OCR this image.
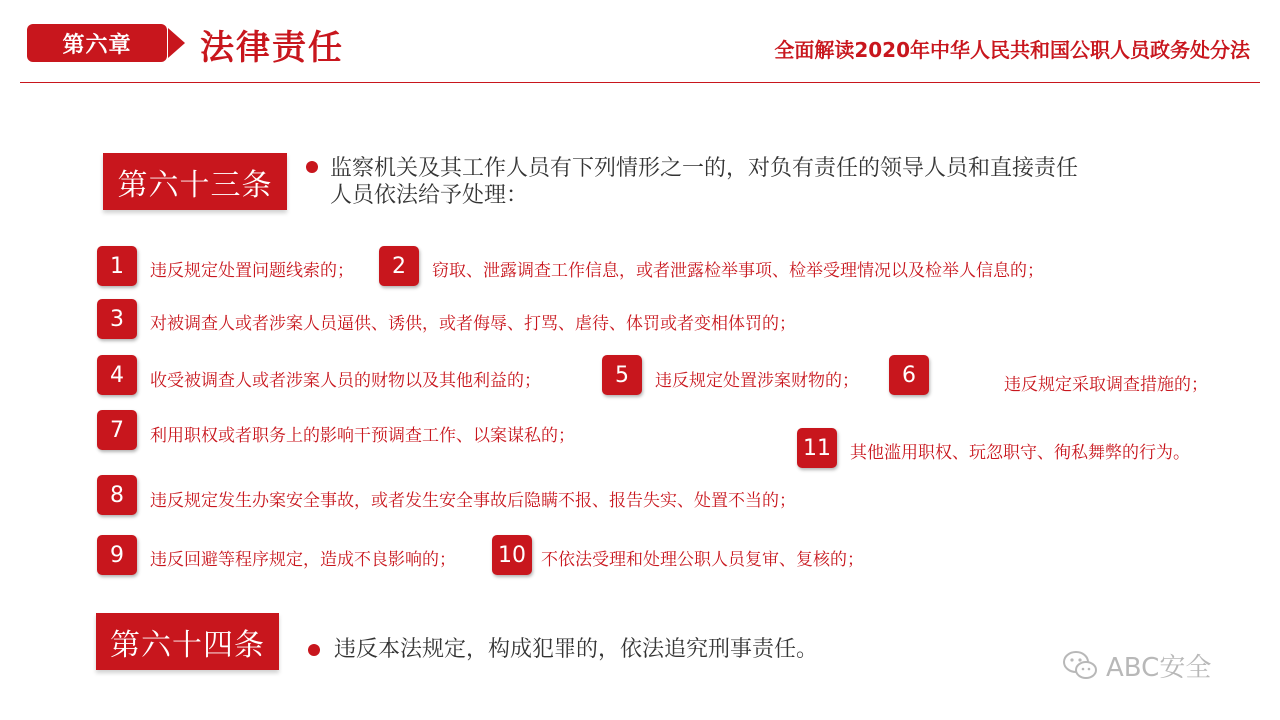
第六章	法律责任	全面解读2020年中华人民共和国公职人员政务处分法
第六十三条	监察机关及其工作人员有下列情形之一的，对负有责任的领导人员和直接责任
人员依法给予处理：
1	违反规定处置问题线索的；	2	窃取、泄露调查工作信息，或者泄露检举事项、检举受理情况以及检举人信息的；
3	对被调查人或者涉案人员逼供、诱供，或者侮辱、打骂、虐待、体罚或者变相体罚的；
4	收受被调查人或者涉案人员的财物以及其他利益的；	5	违反规定处置涉案财物的；	6	违反规定采取调查措施的；
7	利用职权或者职务上的影响干预调查工作、以案谋私的；	11	其他滥用职权、玩忽职守、徇私舞弊的行为。
8	违反规定发生办案安全事故，或者发生安全事故后隐瞒不报、报告失实、处置不当的；
9	违反回避等程序规定，造成不良影响的； 10 不依法受理和处理公职人员复审、复核的；
第六十四条	违反本法规定，构成犯罪的，依法追究刑事责任。
ABC安全
